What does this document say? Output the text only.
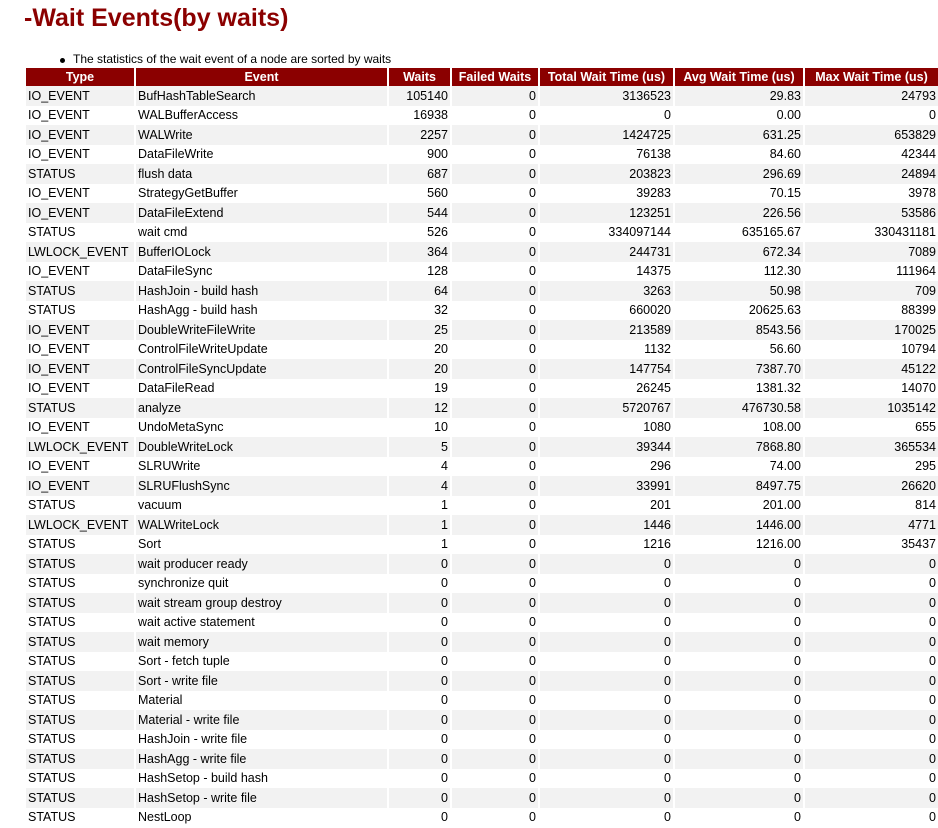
-Wait Events(by waits)
The statistics of the wait event of a node are sorted by waits
Type	Event	Waits	Failed Waits	Total Wait Time (us)	Avg Wait Time (us)	Max Wait Time (us)
IO_EVENT	BufHashTableSearch	105140	0	3136523	29.83	24793
IO_EVENT	WALBufferAccess	16938	0	0	0.00	0
IO_EVENT	WALWrite	2257	0	1424725	631.25	653829
IO_EVENT	DataFileWrite	900	0	76138	84.60	42344
STATUS	flush data	687	0	203823	296.69	24894
IO_EVENT	StrategyGetBuffer	560	0	39283	70.15	3978
IO_EVENT	DataFileExtend	544	0	123251	226.56	53586
STATUS	wait cmd	526	0	334097144	635165.67	330431181
LWLOCK_EVENT	BufferIOLock	364	0	244731	672.34	7089
IO_EVENT	DataFileSync	128	0	14375	112.30	111964
STATUS	HashJoin - build hash	64	0	3263	50.98	709
STATUS	HashAgg - build hash	32	0	660020	20625.63	88399
IO_EVENT	DoubleWriteFileWrite	25	0	213589	8543.56	170025
IO_EVENT	ControlFileWriteUpdate	20	0	1132	56.60	10794
IO_EVENT	ControlFileSyncUpdate	20	0	147754	7387.70	45122
IO_EVENT	DataFileRead	19	0	26245	1381.32	14070
STATUS	analyze	12	0	5720767	476730.58	1035142
IO_EVENT	UndoMetaSync	10	0	1080	108.00	655
LWLOCK_EVENT	DoubleWriteLock	5	0	39344	7868.80	365534
IO_EVENT	SLRUWrite	4	0	296	74.00	295
IO_EVENT	SLRUFlushSync	4	0	33991	8497.75	26620
STATUS	vacuum	1	0	201	201.00	814
LWLOCK_EVENT	WALWriteLock	1	0	1446	1446.00	4771
STATUS	Sort	1	0	1216	1216.00	35437
STATUS	wait producer ready	0	0	0	0	0
STATUS	synchronize quit	0	0	0	0	0
STATUS	wait stream group destroy	0	0	0	0	0
STATUS	wait active statement	0	0	0	0	0
STATUS	wait memory	0	0	0	0	0
STATUS	Sort - fetch tuple	0	0	0	0	0
STATUS	Sort - write file	0	0	0	0	0
STATUS	Material	0	0	0	0	0
STATUS	Material - write file	0	0	0	0	0
STATUS	HashJoin - write file	0	0	0	0	0
STATUS	HashAgg - write file	0	0	0	0	0
STATUS	HashSetop - build hash	0	0	0	0	0
STATUS	HashSetop - write file	0	0	0	0	0
STATUS	NestLoop	0	0	0	0	0
